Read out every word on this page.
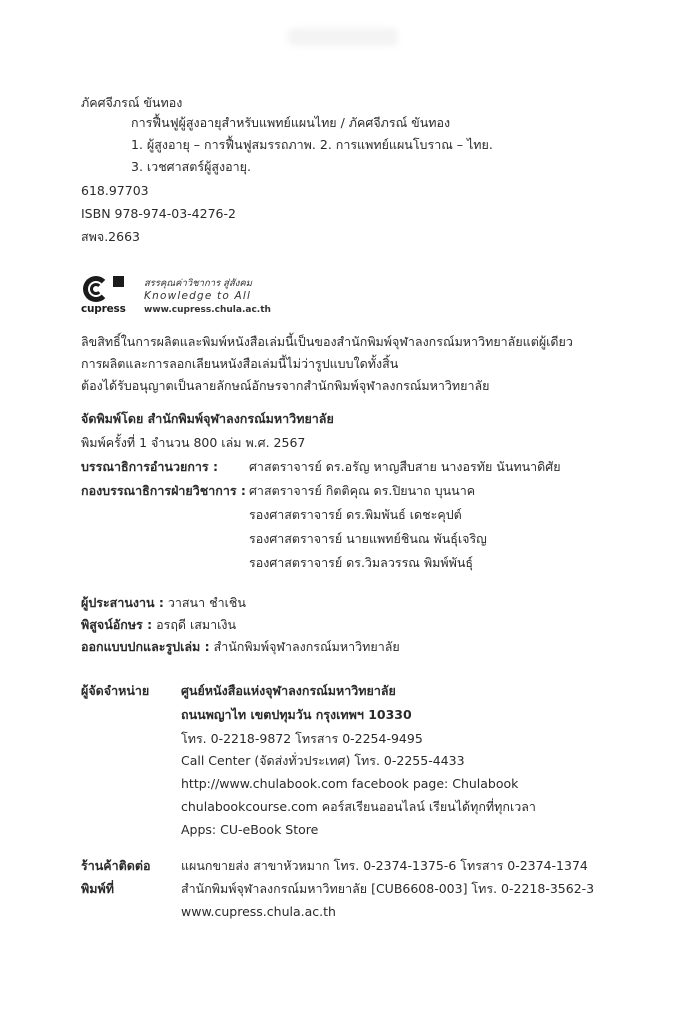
ภัคศจีภรณ์ ขันทอง
การฟื้นฟูผู้สูงอายุสำหรับแพทย์แผนไทย / ภัคศจีภรณ์ ขันทอง
1. ผู้สูงอายุ – การฟื้นฟูสมรรถภาพ. 2. การแพทย์แผนโบราณ – ไทย.
3. เวชศาสตร์ผู้สูงอายุ.
618.97703
ISBN 978-974-03-4276-2
สพจ.2663
cupress
สรรคุณค่าวิชาการ สู่สังคม
Knowledge to All
www.cupress.chula.ac.th
ลิขสิทธิ์ในการผลิตและพิมพ์หนังสือเล่มนี้เป็นของสำนักพิมพ์จุฬาลงกรณ์มหาวิทยาลัยแต่ผู้เดียว
การผลิตและการลอกเลียนหนังสือเล่มนี้ไม่ว่ารูปแบบใดทั้งสิ้น
ต้องได้รับอนุญาตเป็นลายลักษณ์อักษรจากสำนักพิมพ์จุฬาลงกรณ์มหาวิทยาลัย
จัดพิมพ์โดย สำนักพิมพ์จุฬาลงกรณ์มหาวิทยาลัย
พิมพ์ครั้งที่ 1 จำนวน 800 เล่ม พ.ศ. 2567
บรรณาธิการอำนวยการ : ศาสตราจารย์ ดร.อรัญ หาญสืบสาย นางอรทัย นันทนาดิศัย
กองบรรณาธิการฝ่ายวิชาการ : ศาสตราจารย์ กิตติคุณ ดร.ปิยนาถ บุนนาค
รองศาสตราจารย์ ดร.พิมพันธ์ เดชะคุปต์
รองศาสตราจารย์ นายแพทย์ชินณ พันธุ์เจริญ
รองศาสตราจารย์ ดร.วิมลวรรณ พิมพ์พันธุ์
ผู้ประสานงาน : วาสนา ชำเชิน
พิสูจน์อักษร : อรฤดี เสมาเงิน
ออกแบบปกและรูปเล่ม : สำนักพิมพ์จุฬาลงกรณ์มหาวิทยาลัย
ผู้จัดจำหน่าย	ศูนย์หนังสือแห่งจุฬาลงกรณ์มหาวิทยาลัย
ถนนพญาไท เขตปทุมวัน กรุงเทพฯ 10330
โทร. 0-2218-9872 โทรสาร 0-2254-9495
Call Center (จัดส่งทั่วประเทศ) โทร. 0-2255-4433
http://www.chulabook.com facebook page: Chulabook
chulabookcourse.com คอร์สเรียนออนไลน์ เรียนได้ทุกที่ทุกเวลา
Apps: CU-eBook Store
ร้านค้าติดต่อ แผนกขายส่ง สาขาหัวหมาก โทร. 0-2374-1375-6 โทรสาร 0-2374-1374
พิมพ์ที่	สำนักพิมพ์จุฬาลงกรณ์มหาวิทยาลัย [CUB6608-003] โทร. 0-2218-3562-3
www.cupress.chula.ac.th
